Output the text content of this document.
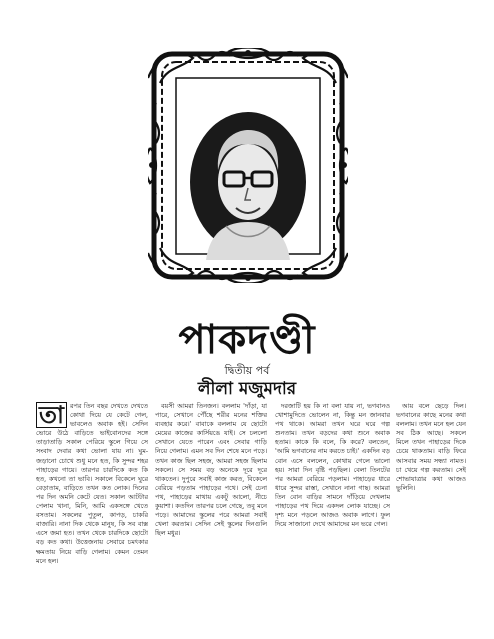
পাকদণ্ডী
দ্বিতীয় পর্ব
লীলা মজুমদার

তা রপর তিন বছর দেখতে দেখতে কোথা দিয়ে যে কেটে গেল, ভাবলেও অবাক হই। সেদিন ভোরে উঠে বাড়িতে ভাইবোনদের সঙ্গে তাড়াতাড়ি সকাল পেরিয়ে স্কুলে গিয়ে সে সংবাদ দেবার কথা ভোলা যায় না। ঘুম-জড়ানো চোখে শুধু মনে হত, কি সুন্দর শহর পাহাড়ের গায়ে। তারপর চারদিকে কত কি হত, কখনো তা ভাবি। সকালে বিকেলে ঘুরে বেড়াতাম, বাড়িতে তখন কত লোক। দিনের পর দিন অমনি কেটে যেত। সকাল আটটার পেলাম খানা, মিনি, আমি একসঙ্গে খেতে বসতাম। সকলের পুতুল, কাপড়, চাকরি বাজারি। নানা দিক থেকে মানুষ, কি সব বাক্স এসে জমা হত। তখন থেকে চারদিকে ছোটো বড় কত কথা। উত্তেজনায় সেবারে চমৎকার ক্ষমতায় নিয়ে বাড়ি গেলাম। কেমন তেমন মনে হল।

বয়সী আমরা তিনজন। বললাম 'দাঁড়া, যা পারে, সেখানে পৌঁছে শরীর মনের শক্তির ব্যবহার করে।' বাবাকে বললাম যে ছোটো মেয়ের কাজের কার্সিয়ঙে যাই। সে চললো সেখানে যেতে পারেন এবং সেবার গাড়ি নিয়ে গেলাম। এমন সব দিন শেষে মনে পড়ে। তখন কাজ ছিল সহজ, আমরা সহজ ছিলাম সকলে। সে সময় বড় অনেকে দূরে দূরে থাকতেন। দুপুরে সবাই কাজ করত, বিকেলে বেরিয়ে পড়তাম পাহাড়ের পথে। সেই চেনা পথ, পাহাড়ের মাথায় একটু আলো, নীচে কুয়াশা। কতদিন তারপর চলে গেছে, তবু মনে পড়ে। আমাদের স্কুলের পরে আমরা সবাই খেলা করতাম। সেদিন সেই স্কুলের দিনগুলি ছিল মধুর।

দরজাটি হয় কি না বলা যায় না, ভগবানও খোশামুদিতে ভোলেন না, কিন্তু মন জানবার পথ থাকে। আমরা তখন ঘরে ঘরে গল্প শুনতাম। তখন বড়দের কথা শুনে অবাক হতাম। কাকে কি বলে, কি করে? বলতেন, 'আমি ভগবানের নাম করতে চাই।' একদিন বড় বোন এসে বললেন, কোথায় গেলে ভালো হয়। সারা দিন বৃষ্টি পড়ছিল। বেলা তিনটের পর আমরা বেরিয়ে পড়লাম। পাহাড়ের ধারে ধারে সুন্দর রাস্তা, সেখানে নানা গাছ। আমরা তিন বোন বাড়ির সামনে দাঁড়িয়ে দেখলাম পাহাড়ের পথ দিয়ে একদল লোক যাচ্ছে। সে দৃশ্য মনে পড়লে আজও অবাক লাগে। ফুল দিয়ে সাজানো দেখে আমাদের মন ভরে গেল।

আয় বলে ছেড়ে দিল। ভগবানের কাছে মনের কথা বললাম। তখন মনে হল যেন সব ঠিক আছে। সকলে মিলে তখন পাহাড়ের দিকে চেয়ে থাকতাম। বাড়ি ফিরে আসবার সময় সন্ধ্যা নামত। চা খেয়ে গল্প করতাম। সেই শোভাযাত্রার কথা আজও ভুলিনি।
